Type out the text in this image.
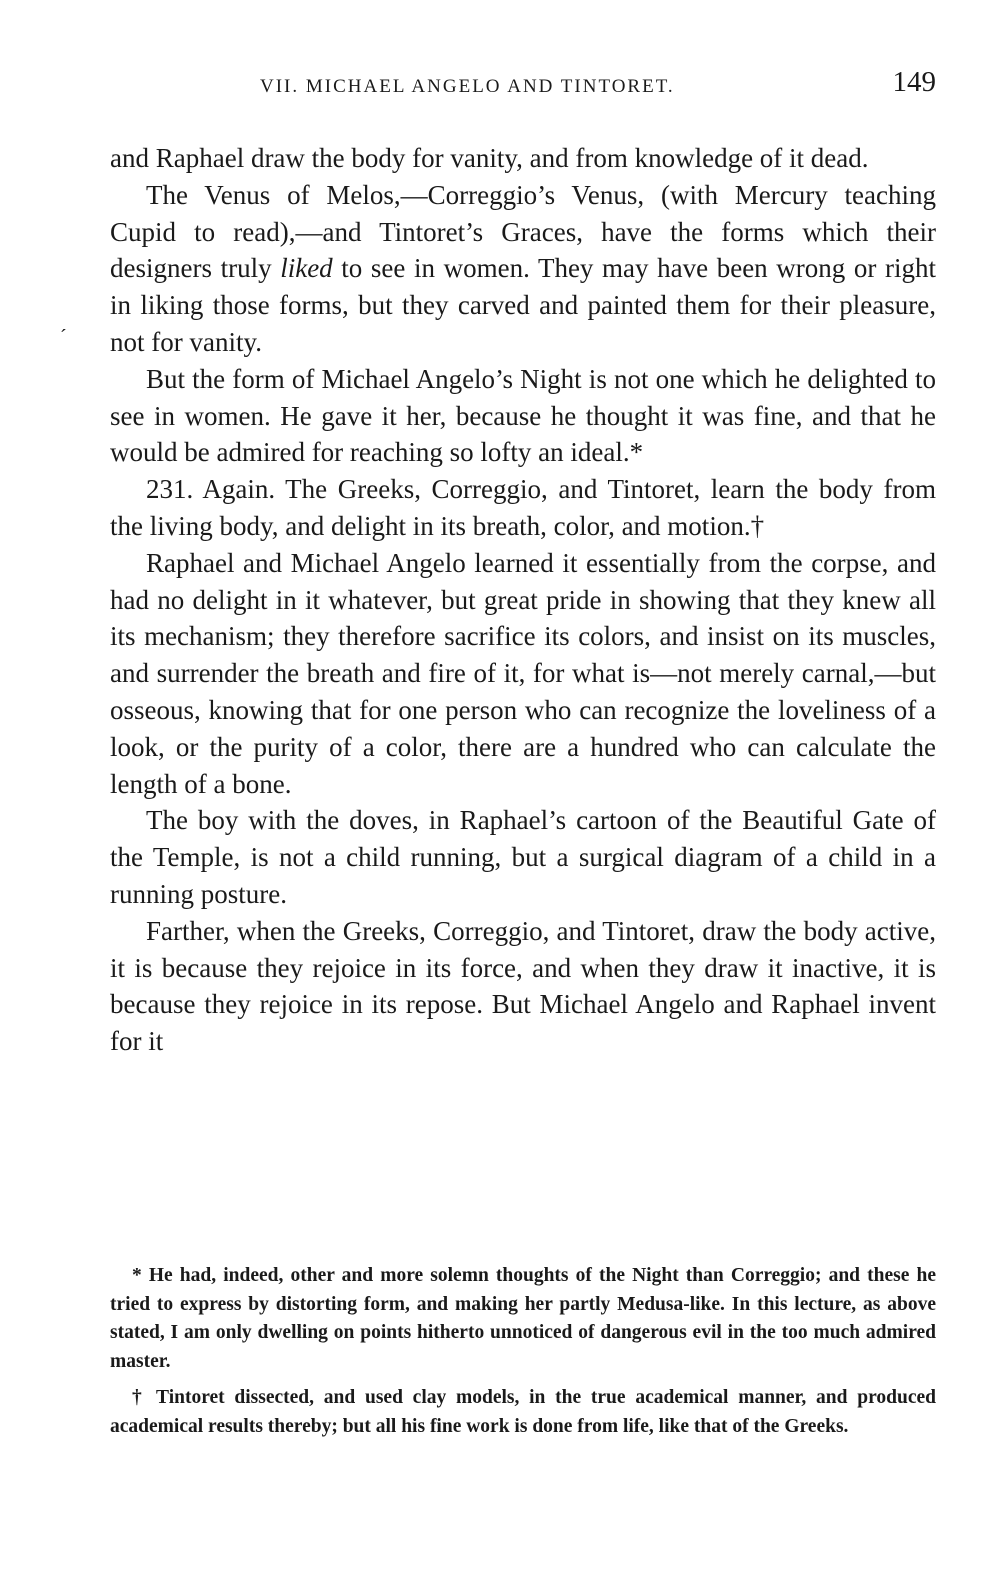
VII. MICHAEL ANGELO AND TINTORET.	149
ˊ

and Raphael draw the body for vanity, and from knowledge of it dead.

The Venus of Melos,—Correggio’s Venus, (with Mercury teaching Cupid to read),—and Tintoret’s Graces, have the forms which their designers truly liked to see in women. They may have been wrong or right in liking those forms, but they carved and painted them for their pleasure, not for vanity.

But the form of Michael Angelo’s Night is not one which he delighted to see in women. He gave it her, because he thought it was fine, and that he would be admired for reaching so lofty an ideal.*

231. Again. The Greeks, Correggio, and Tintoret, learn the body from the living body, and delight in its breath, color, and motion.†

Raphael and Michael Angelo learned it essentially from the corpse, and had no delight in it whatever, but great pride in showing that they knew all its mechanism; they therefore sacrifice its colors, and insist on its muscles, and surrender the breath and fire of it, for what is—not merely carnal,—but osseous, knowing that for one person who can recognize the loveliness of a look, or the purity of a color, there are a hundred who can calculate the length of a bone.

The boy with the doves, in Raphael’s cartoon of the Beautiful Gate of the Temple, is not a child running, but a surgical diagram of a child in a running posture.

Farther, when the Greeks, Correggio, and Tintoret, draw the body active, it is because they rejoice in its force, and when they draw it inactive, it is because they rejoice in its repose. But Michael Angelo and Raphael invent for it

* He had, indeed, other and more solemn thoughts of the Night than Correggio; and these he tried to express by distorting form, and making her partly Medusa-like. In this lecture, as above stated, I am only dwelling on points hitherto unnoticed of dangerous evil in the too much admired master.

† Tintoret dissected, and used clay models, in the true academical manner, and produced academical results thereby; but all his fine work is done from life, like that of the Greeks.
